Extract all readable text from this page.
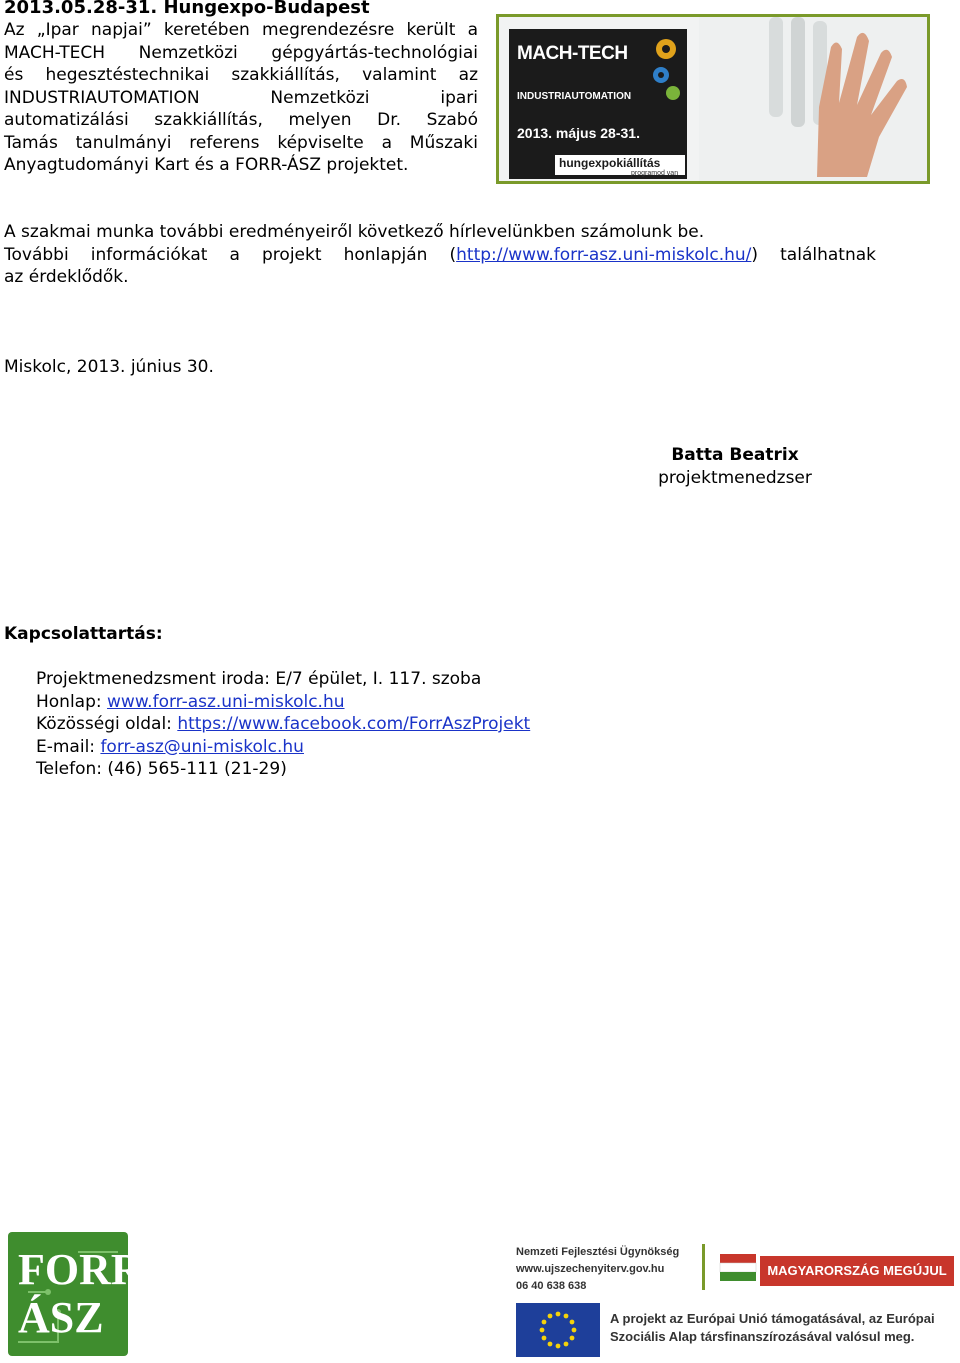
2013.05.28-31. Hungexpo-Budapest
Az „Ipar napjai” keretében megrendezésre került a
MACH-TECH Nemzetközi gépgyártás-technológiai
és hegesztéstechnikai szakkiállítás, valamint az
INDUSTRIAUTOMATION Nemzetközi ipari
automatizálási szakkiállítás, melyen Dr. Szabó
Tamás tanulmányi referens képviselte a Műszaki
Anyagtudományi Kart és a FORR-ÁSZ projektet.
MACH-TECH
INDUSTRIAUTOMATION
2013. május 28-31.
hungexpokiállítás
programod van
A szakmai munka további eredményeiről következő hírlevelünkben számolunk be.
További információkat a projekt honlapján (http://www.forr-asz.uni-miskolc.hu/) találhatnak
az érdeklődők.
Miskolc, 2013. június 30.
Batta Beatrix
projektmenedzser
Kapcsolattartás:
Projektmenedzsment iroda: E/7 épület, I. 117. szoba
Honlap: www.forr-asz.uni-miskolc.hu
Közösségi oldal: https://www.facebook.com/ForrAszProjekt
E-mail: forr-asz@uni-miskolc.hu
Telefon: (46) 565-111 (21-29)
FORR ÁSZ
Nemzeti Fejlesztési Ügynökség
www.ujszechenyiterv.gov.hu
06 40 638 638
MAGYARORSZÁG MEGÚJUL
A projekt az Európai Unió támogatásával, az Európai
Szociális Alap társfinanszírozásával valósul meg.
